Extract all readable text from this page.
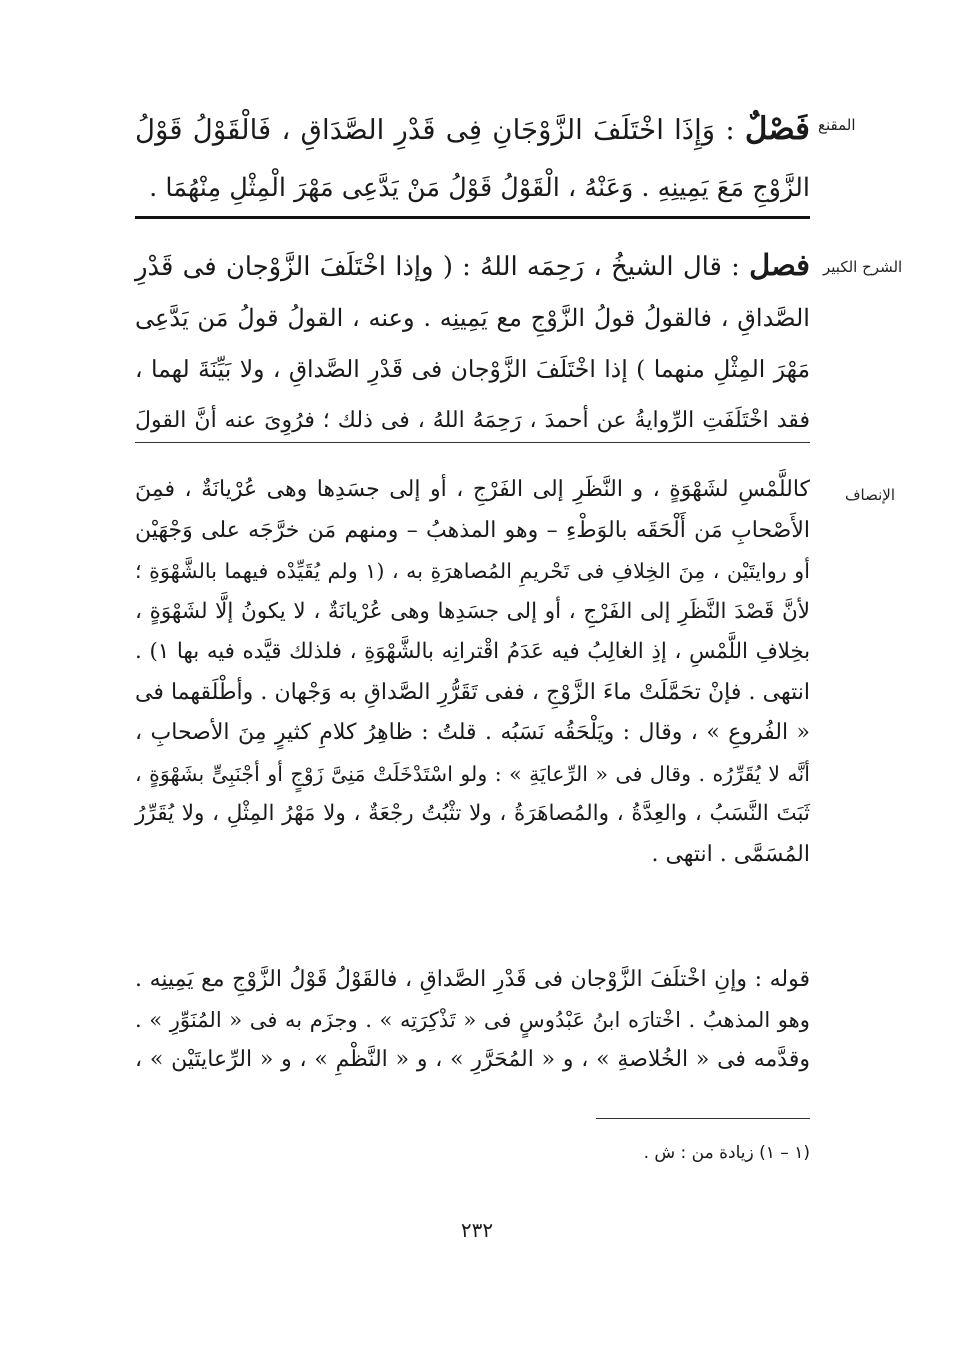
المقنع
فَصْلٌ : وَإِذَا اخْتَلَفَ الزَّوْجَانِ فِى قَدْرِ الصَّدَاقِ ، فَالْقَوْلُ قَوْلُ
الزَّوْجِ مَعَ يَمِينِهِ . وَعَنْهُ ، الْقَوْلُ قَوْلُ مَنْ يَدَّعِى مَهْرَ الْمِثْلِ مِنْهُمَا .
الشرح الكبير
فصل : قال الشيخُ ، رَحِمَه اللهُ : ( وإذا اخْتَلَفَ الزَّوْجان فى قَدْرِ
الصَّداقِ ، فالقولُ قولُ الزَّوْجِ مع يَمِينِه . وعنه ، القولُ قولُ مَن يَدَّعِى
مَهْرَ المِثْلِ منهما ) إذا اخْتَلَفَ الزَّوْجان فى قَدْرِ الصَّداقِ ، ولا بَيِّنَةَ لهما ،
فقد اخْتَلَفَتِ الرِّوايةُ عن أحمدَ ، رَحِمَهُ اللهُ ، فى ذلك ؛ فرُوِىَ عنه أنَّ القولَ
الإنصاف
كاللَّمْسِ لشَهْوَةٍ ، و النَّظَرِ إلى الفَرْجِ ، أو إلى جسَدِها وهى عُرْيانَةٌ ، فمِنَ
الأَصْحابِ مَن أَلْحَقَه بالوَطْءِ – وهو المذهبُ – ومنهم مَن خرَّجَه على وَجْهَيْن
أو روايتَيْن ، مِنَ الخِلافِ فى تَحْريمِ المُصاهرَةِ به ، (١ ولم يُقَيِّدْه فيهما بالشَّهْوَةِ ؛
لأنَّ قَصْدَ النَّظَرِ إلى الفَرْجِ ، أو إلى جسَدِها وهى عُرْيانَةٌ ، لا يكونُ إلَّا لشَهْوَةٍ ،
بخِلافِ اللَّمْسِ ، إذِ الغالِبُ فيه عَدَمُ اقْترانِه بالشَّهْوَةِ ، فلذلك قيَّده فيه بها ١) .
انتهى . فإنْ تحَمَّلَتْ ماءَ الزَّوْجِ ، ففى تَقَرُّرِ الصَّداقِ به وَجْهان . وأطْلَقهما فى
« الفُروعِ » ، وقال : ويَلْحَقُه نَسَبُه . قلتُ : ظاهِرُ كلامِ كثيرٍ مِنَ الأصحابِ ،
أنَّه لا يُقَرِّرُه . وقال فى « الرِّعايَةِ » : ولو اسْتَدْخَلَتْ مَنِىَّ زَوْجٍ أو أجْنَبِىٍّ بشَهْوَةٍ ،
ثَبَتَ النَّسَبُ ، والعِدَّةُ ، والمُصاهَرَةُ ، ولا تثْبُتُ رجْعَةٌ ، ولا مَهْرُ المِثْلِ ، ولا يُقَرِّرُ
المُسَمَّى . انتهى .
قوله : وإنِ اخْتلَفَ الزَّوْجان فى قَدْرِ الصَّداقِ ، فالقَوْلُ قَوْلُ الزَّوْجِ مع يَمِينِه .
وهو المذهبُ . اخْتارَه ابنُ عَبْدُوسٍ فى « تَذْكِرَتِه » . وجزَم به فى « المُنَوِّرِ » .
وقدَّمه فى « الخُلاصةِ » ، و « المُحَرَّرِ » ، و « النَّظْمِ » ، و « الرِّعايتَيْن » ،
(١ – ١) زيادة من : ش .
٢٣٢
